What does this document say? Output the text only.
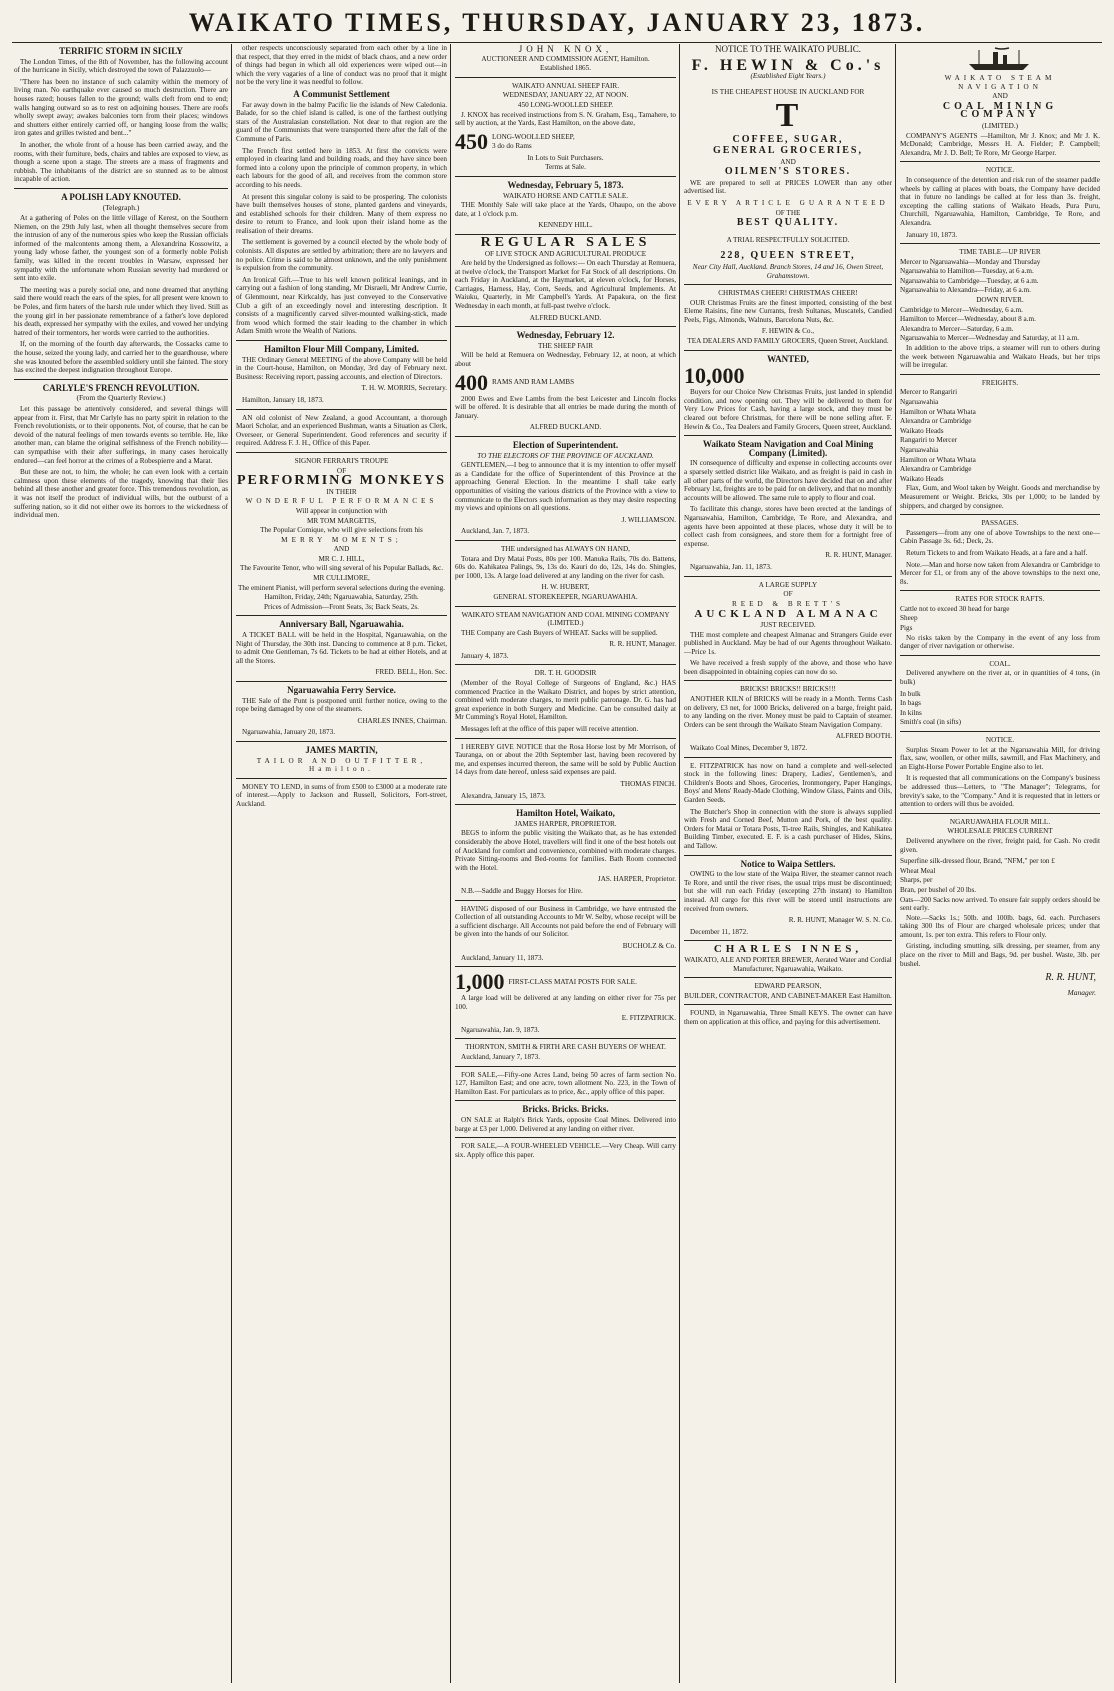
WAIKATO TIMES, THURSDAY, JANUARY 23, 1873.
TERRIFIC STORM IN SICILY

The London Times, of the 8th of November, has the following account of the hurricane in Sicily, which destroyed the town of Palazzuolo—

"There has been no instance of such calamity within the memory of living man. No earthquake ever caused so much destruction. There are houses razed; houses fallen to the ground; walls cleft from end to end; walls hanging outward so as to rest on adjoining houses. There are roofs wholly swept away; awakes balconies torn from their places; windows and shutters either entirely carried off, or hanging loose from the walls; iron gates and grilles twisted and bent..."

In another, the whole front of a house has been carried away, and the rooms, with their furniture, beds, chairs and tables are exposed to view, as though a scene upon a stage. The streets are a mass of fragments and rubbish. The inhabitants of the district are so stunned as to be almost incapable of action.

A POLISH LADY KNOUTED.
(Telegraph.)

At a gathering of Poles on the little village of Kerest, on the Southern Niemen, on the 29th July last, when all thought themselves secure from the intrusion of any of the numerous spies who keep the Russian officials informed of the malcontents among them, a Alexandrina Kossowitz, a young lady whose father, the youngest son of a formerly noble Polish family, was killed in the recent troubles in Warsaw, expressed her sympathy with the unfortunate whom Russian severity had murdered or sent into exile.

The meeting was a purely social one, and none dreamed that anything said there would reach the ears of the spies, for all present were known to be Poles, and firm haters of the harsh rule under which they lived. Still as the young girl in her passionate remembrance of a father's love deplored his death, expressed her sympathy with the exiles, and vowed her undying hatred of their tormentors, her words were carried to the authorities.

If, on the morning of the fourth day afterwards, the Cossacks came to the house, seized the young lady, and carried her to the guardhouse, where she was knouted before the assembled soldiery until she fainted. The story has excited the deepest indignation throughout Europe.

CARLYLE'S FRENCH REVOLUTION.
(From the Quarterly Review.)

Let this passage be attentively considered, and several things will appear from it. First, that Mr Carlyle has no party spirit in relation to the French revolutionists, or to their opponents. Not, of course, that he can be devoid of the natural feelings of men towards events so terrible. He, like another man, can blame the original selfishness of the French nobility—can sympathise with their after sufferings, in many cases heroically endured—can feel horror at the crimes of a Robespierre and a Marat.

But these are not, to him, the whole; he can even look with a certain calmness upon these elements of the tragedy, knowing that their lies behind all these another and greater force. This tremendous revolution, as it was not itself the product of individual wills, but the outburst of a suffering nation, so it did not either owe its horrors to the wickedness of individual men.

other respects unconsciously separated from each other by a line in that respect, that they erred in the midst of black chaos, and a new order of things had begun in which all old experiences were wiped out—in which the very vagaries of a line of conduct was no proof that it might not be the very line it was needful to follow.

A Communist Settlement

Far away down in the balmy Pacific lie the islands of New Caledonia. Balade, for so the chief island is called, is one of the farthest outlying stars of the Australasian constellation. Not dear to that region are the guard of the Communists that were transported there after the fall of the Commune of Paris.

The French first settled here in 1853. At first the convicts were employed in clearing land and building roads, and they have since been formed into a colony upon the principle of common property, in which each labours for the good of all, and receives from the common store according to his needs.

At present this singular colony is said to be prospering. The colonists have built themselves houses of stone, planted gardens and vineyards, and established schools for their children. Many of them express no desire to return to France, and look upon their island home as the realisation of their dreams.

The settlement is governed by a council elected by the whole body of colonists. All disputes are settled by arbitration; there are no lawyers and no police. Crime is said to be almost unknown, and the only punishment is expulsion from the community.

An Ironical Gift.—True to his well known political leanings, and in carrying out a fashion of long standing, Mr Disraeli, Mr Andrew Currie, of Glenmount, near Kirkcaldy, has just conveyed to the Conservative Club a gift of an exceedingly novel and interesting description. It consists of a magnificently carved silver-mounted walking-stick, made from wood which formed the stair leading to the chamber in which Adam Smith wrote the Wealth of Nations.

Hamilton Flour Mill Company, Limited.

THE Ordinary General MEETING of the above Company will be held in the Court-house, Hamilton, on Monday, 3rd day of February next. Business: Receiving report, passing accounts, and election of Directors.

T. H. W. MORRIS, Secretary.

Hamilton, January 18, 1873.

AN old colonist of New Zealand, a good Accountant, a thorough Maori Scholar, and an experienced Bushman, wants a Situation as Clerk, Overseer, or General Superintendent. Good references and security if required. Address F. J. H., Office of this Paper.

SIGNOR FERRARI'S TROUPE
OF
PERFORMING MONKEYS
IN THEIR
WONDERFUL PERFORMANCES
Will appear in conjunction with
MR TOM MARGETIS,
The Popular Comique, who will give selections from his
MERRY MOMENTS;
AND
MR C. J. HILL,
The Favourite Tenor, who will sing several of his Popular Ballads, &c.
MR CULLIMORE,
The eminent Pianist, will perform several selections during the evening.
Hamilton, Friday, 24th; Ngaruawahia, Saturday, 25th.
Prices of Admission—Front Seats, 3s; Back Seats, 2s.
Anniversary Ball, Ngaruawahia.

A TICKET BALL will be held in the Hospital, Ngaruawahia, on the Night of Thursday, the 30th inst. Dancing to commence at 8 p.m. Ticket, to admit One Gentleman, 7s 6d. Tickets to be had at either Hotels, and at all the Stores.

FRED. BELL, Hon. Sec.

Ngaruawahia Ferry Service.

THE Sale of the Punt is postponed until further notice, owing to the rope being damaged by one of the steamers.

CHARLES INNES, Chairman.

Ngaruawahia, January 20, 1873.

JAMES MARTIN,
TAILOR AND OUTFITTER, Hamilton.

MONEY TO LEND, in sums of from £500 to £3000 at a moderate rate of interest.—Apply to Jackson and Russell, Solicitors, Fort-street, Auckland.

JOHN KNOX,
AUCTIONEER AND COMMISSION AGENT, Hamilton.
Established 1865.
WAIKATO ANNUAL SHEEP FAIR.
WEDNESDAY, JANUARY 22, AT NOON.
450 LONG-WOOLLED SHEEP.

J. KNOX has received instructions from S. N. Graham, Esq., Tamahere, to sell by auction, at the Yards, East Hamilton, on the above date,

450 LONG-WOOLLED SHEEP,
3 do do Rams
In Lots to Suit Purchasers.
Terms at Sale.
Wednesday, February 5, 1873.
WAIKATO HORSE AND CATTLE SALE.

THE Monthly Sale will take place at the Yards, Ohaupo, on the above date, at 1 o'clock p.m.

KENNEDY HILL.
REGULAR SALES
OF LIVE STOCK AND AGRICULTURAL PRODUCE

Are held by the Undersigned as follows:— On each Thursday at Remuera, at twelve o'clock, the Transport Market for Fat Stock of all descriptions. On each Friday in Auckland, at the Haymarket, at eleven o'clock, for Horses, Carriages, Harness, Hay, Corn, Seeds, and Agricultural Implements. At Waiuku, Quarterly, in Mr Campbell's Yards. At Papakura, on the first Wednesday in each month, at full-past twelve o'clock.

ALFRED BUCKLAND.
Wednesday, February 12.
THE SHEEP FAIR

Will be held at Remuera on Wednesday, February 12, at noon, at which about

400 RAMS AND RAM LAMBS

2000 Ewes and Ewe Lambs from the best Leicester and Lincoln flocks will be offered. It is desirable that all entries be made during the month of January.

ALFRED BUCKLAND.
Election of Superintendent.
TO THE ELECTORS OF THE PROVINCE OF AUCKLAND.

GENTLEMEN,—I beg to announce that it is my intention to offer myself as a Candidate for the office of Superintendent of this Province at the approaching General Election. In the meantime I shall take early opportunities of visiting the various districts of the Province with a view to communicate to the Electors such information as they may desire respecting my views and opinions on all questions.

J. WILLIAMSON.

Auckland, Jan. 7, 1873.

THE undersigned has ALWAYS ON HAND,

Totara and Dry Matai Posts, 80s per 100. Manuka Rails, 70s do. Battens, 60s do. Kahikatea Palings, 9s, 13s do. Kauri do do, 12s, 14s do. Shingles, per 1000, 13s. A large load delivered at any landing on the river for cash.

H. W. HUBERT,
GENERAL STOREKEEPER, NGARUAWAHIA.
WAIKATO STEAM NAVIGATION AND COAL MINING COMPANY (LIMITED.)

THE Company are Cash Buyers of WHEAT. Sacks will be supplied.

R. R. HUNT, Manager.

January 4, 1873.

DR. T. H. GOODSIR

(Member of the Royal College of Surgeons of England, &c.) HAS commenced Practice in the Waikato District, and hopes by strict attention, combined with moderate charges, to merit public patronage. Dr. G. has had great experience in both Surgery and Medicine. Can be consulted daily at Mr Cumming's Royal Hotel, Hamilton.

Messages left at the office of this paper will receive attention.

I HEREBY GIVE NOTICE that the Rosa Horse lost by Mr Morrison, of Tauranga, on or about the 20th September last, having been recovered by me, and expenses incurred thereon, the same will be sold by Public Auction 14 days from date hereof, unless said expenses are paid.

THOMAS FINCH.

Alexandra, January 15, 1873.

Hamilton Hotel, Waikato,
JAMES HARPER, PROPRIETOR.

BEGS to inform the public visiting the Waikato that, as he has extended considerably the above Hotel, travellers will find it one of the best hotels out of Auckland for comfort and convenience, combined with moderate charges. Private Sitting-rooms and Bed-rooms for families. Bath Room connected with the Hotel.

JAS. HARPER, Proprietor.

N.B.—Saddle and Buggy Horses for Hire.

HAVING disposed of our Business in Cambridge, we have entrusted the Collection of all outstanding Accounts to Mr W. Selby, whose receipt will be a sufficient discharge. All Accounts not paid before the end of February will be given into the hands of our Solicitor.

BUCHOLZ & Co.

Auckland, January 11, 1873.

1,000 FIRST-CLASS MATAI POSTS FOR SALE.

A large load will be delivered at any landing on either river for 75s per 100.

E. FITZPATRICK.

Ngaruawahia, Jan. 9, 1873.

THORNTON, SMITH & FIRTH ARE CASH BUYERS OF WHEAT.

Auckland, January 7, 1873.

FOR SALE,—Fifty-one Acres Land, being 50 acres of farm section No. 127, Hamilton East; and one acre, town allotment No. 223, in the Town of Hamilton East. For particulars as to price, &c., apply office of this paper.

Bricks. Bricks. Bricks.

ON SALE at Ralph's Brick Yards, opposite Coal Mines. Delivered into barge at £3 per 1,000. Delivered at any landing on either river.

FOR SALE,—A FOUR-WHEELED VEHICLE.—Very Cheap. Will carry six. Apply office this paper.

NOTICE TO THE WAIKATO PUBLIC.
F. HEWIN & Co.'s
(Established Eight Years.)
IS THE CHEAPEST HOUSE IN AUCKLAND FOR
T
COFFEE, SUGAR,
GENERAL GROCERIES,
AND
OILMEN'S STORES.

WE are prepared to sell at PRICES LOWER than any other advertised list.

EVERY ARTICLE GUARANTEED
OF THE
BEST QUALITY.
A TRIAL RESPECTFULLY SOLICITED.
228, QUEEN STREET,
Near City Hall, Auckland. Branch Stores, 14 and 16, Owen Street, Grahamstown.
CHRISTMAS CHEER! CHRISTMAS CHEER!

OUR Christmas Fruits are the finest imported, consisting of the best Eleme Raisins, fine new Currants, fresh Sultanas, Muscatels, Candied Peels, Figs, Almonds, Walnuts, Barcelona Nuts, &c.

F. HEWIN & Co.,
TEA DEALERS AND FAMILY GROCERS, Queen Street, Auckland.
WANTED,
10,000

Buyers for our Choice New Christmas Fruits, just landed in splendid condition, and now opening out. They will be delivered to them for Very Low Prices for Cash, having a large stock, and they must be cleared out before Christmas, for there will be none selling after. F. Hewin & Co., Tea Dealers and Family Grocers, Queen street, Auckland.

Waikato Steam Navigation and Coal Mining Company (Limited).

IN consequence of difficulty and expense in collecting accounts over a sparsely settled district like Waikato, and as freight is paid in cash in all other parts of the world, the Directors have decided that on and after February 1st, freights are to be paid for on delivery, and that no monthly accounts will be allowed. The same rule to apply to flour and coal.

To facilitate this change, stores have been erected at the landings of Ngaruawahia, Hamilton, Cambridge, Te Rore, and Alexandra, and agents have been appointed at these places, whose duty it will be to collect cash from consignees, and store them for a fortnight free of expense.

R. R. HUNT, Manager.

Ngaruawahia, Jan. 11, 1873.

A LARGE SUPPLY
OF
REED & BRETT'S
AUCKLAND ALMANAC
JUST RECEIVED.

THE most complete and cheapest Almanac and Strangers Guide ever published in Auckland. May be had of our Agents throughout Waikato.—Price 1s.

We have received a fresh supply of the above, and those who have been disappointed in obtaining copies can now do so.

BRICKS! BRICKS!! BRICKS!!!

ANOTHER KILN of BRICKS will be ready in a Month. Terms Cash on delivery, £3 net, for 1000 Bricks, delivered on a barge, freight paid, to any landing on the river. Money must be paid to Captain of steamer. Orders can be sent through the Waikato Steam Navigation Company.

ALFRED BOOTH.

Waikato Coal Mines, December 9, 1872.

E. FITZPATRICK has now on hand a complete and well-selected stock in the following lines: Drapery, Ladies', Gentlemen's, and Children's Boots and Shoes, Groceries, Ironmongery, Paper Hangings, Boys' and Mens' Ready-Made Clothing, Window Glass, Paints and Oils, Garden Seeds.

The Butcher's Shop in connection with the store is always supplied with Fresh and Corned Beef, Mutton and Pork, of the best quality. Orders for Matai or Totara Posts, Ti-tree Rails, Shingles, and Kahikatea Building Timber, executed. E. F. is a cash purchaser of Hides, Skins, and Tallow.

Notice to Waipa Settlers.

OWING to the low state of the Waipa River, the steamer cannot reach Te Rore, and until the river rises, the usual trips must be discontinued; but she will run each Friday (excepting 27th instant) to Hamilton instead. All cargo for this river will be stored until instructions are received from owners.

R. R. HUNT, Manager W. S. N. Co.

December 11, 1872.

CHARLES INNES,
WAIKATO, ALE AND PORTER BREWER, Aerated Water and Cordial Manufacturer, Ngaruawahia, Waikato.
EDWARD PEARSON,
BUILDER, CONTRACTOR, AND CABINET-MAKER East Hamilton.

FOUND, in Ngaruawahia, Three Small KEYS. The owner can have them on application at this office, and paying for this advertisement.

WAIKATO STEAM NAVIGATION
AND
COAL MINING COMPANY
(LIMITED.)

COMPANY'S AGENTS —Hamilton, Mr J. Knox; and Mr J. K. McDonald; Cambridge, Messrs H. A. Fielder; P. Campbell; Alexandra, Mr J. D. Bell; Te Rore, Mr George Harper.

NOTICE.

In consequence of the detention and risk run of the steamer paddle wheels by calling at places with boats, the Company have decided that in future no landings be called at for less than 3s. freight, excepting the calling stations of Waikato Heads, Pura Puru, Churchill, Ngaruawahia, Hamilton, Cambridge, Te Rore, and Alexandra.

January 10, 1873.

TIME TABLE—UP RIVER
Mercer to Ngaruawahia—Monday and Thursday
Ngaruawahia to Hamilton—Tuesday, at 6 a.m.
Ngaruawahia to Cambridge—Tuesday, at 6 a.m.
Ngaruawahia to Alexandra—Friday, at 6 a.m.
DOWN RIVER.
Cambridge to Mercer—Wednesday, 6 a.m.
Hamilton to Mercer—Wednesday, about 8 a.m.
Alexandra to Mercer—Saturday, 6 a.m.
Ngaruawahia to Mercer—Wednesday and Saturday, at 11 a.m.

In addition to the above trips, a steamer will run to others during the week between Ngaruawahia and Waikato Heads, but her trips will be irregular.

FREIGHTS.
Mercer to Rangariri
Ngaruawahia
Hamilton or Whata Whata
Alexandra or Cambridge
Waikato Heads
Rangariri to Mercer
Ngaruawahia
Hamilton or Whata Whata
Alexandra or Cambridge
Waikato Heads

Flax, Gum, and Wool taken by Weight. Goods and merchandise by Measurement or Weight. Bricks, 30s per 1,000; to be landed by shippers, and charged by consignee.

PASSAGES.

Passengers—from any one of above Townships to the next one—Cabin Passage 3s. 6d.; Deck, 2s.

Return Tickets to and from Waikato Heads, at a fare and a half.

Note.—Man and horse now taken from Alexandra or Cambridge to Mercer for £1, or from any of the above townships to the next one, 8s.

RATES FOR STOCK RAFTS.
Cattle not to exceed 30 head for barge
Sheep
Pigs

No risks taken by the Company in the event of any loss from danger of river navigation or otherwise.

COAL.

Delivered anywhere on the river at, or in quantities of 4 tons, (in bulk)

In bulk
In bags
In kilns
Smith's coal (in sifts)
NOTICE.

Surplus Steam Power to let at the Ngaruawahia Mill, for driving flax, saw, woollen, or other mills, sawmill, and Flax Machinery, and an Eight-Horse Power Portable Engine also to let.

It is requested that all communications on the Company's business be addressed thus—Letters, to "The Manager"; Telegrams, for brevity's sake, to the "Company." And it is requested that in letters or attention to orders will thus be avoided.

NGARUAWAHIA FLOUR MILL.
WHOLESALE PRICES CURRENT

Delivered anywhere on the river, freight paid, for Cash. No credit given.

Superfine silk-dressed flour, Brand, "NFM," per ton £
Wheat Meal
Sharps, per
Bran, per bushel of 20 lbs.
Oats—200 Sacks now arrived. To ensure fair supply orders should be sent early.

Note.—Sacks 1s.; 50lb. and 100lb. bags, 6d. each. Purchasers taking 300 lbs of Flour are charged wholesale prices; under that amount, 1s. per ton extra. This refers to Flour only.

Gristing, including smutting, silk dressing, per steamer, from any place on the river to Mill and Bags, 9d. per bushel. Waste, 3lb. per bushel.

R. R. HUNT,
Manager.
